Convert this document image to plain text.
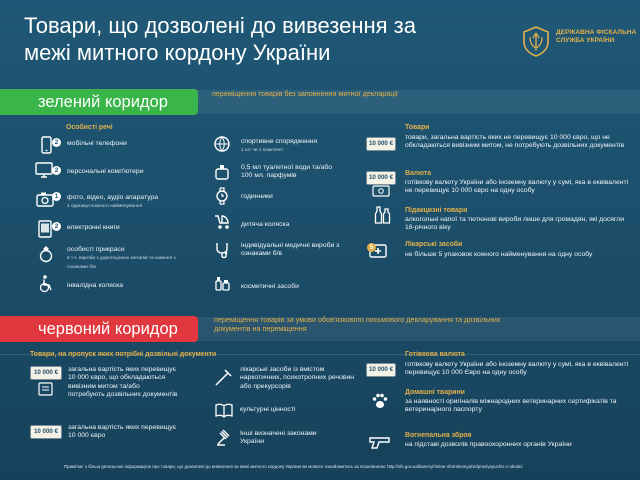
Товари, що дозволені до вивезення за межі митного кордону України
ДЕРЖАВНА ФІСКАЛЬНА СЛУЖБА УКРАЇНИ
зелений коридор	переміщення товарів без заповнення митної декларації
Особисті речі
2	мобільні телефони
2	персональні комп'ютери
1	фото, відео, аудіо апаратура
1 одиниця кожного найменування
2	електронні книги
особисті прикраси
в т.ч. вироби з дорогоцінних металів та каміння з ознаками б/в
інвалідна коляска
спортивне спорядження
1 шт чи 1 комплект
0,5 мл туалетної води та/або 100 мл. парфумів
годинники
дитяча коляска
індивідуальні медичні вироби з ознаками б/в
косметичні засоби
Товари
10 000 €
товари, загальна вартість яких не перевищує 10 000 євро, що не обкладаються вивізним митом, не потребують дозвільних документів
Валюта
10 000 €
готівкову валюту України або іноземну валюту у сумі, яка в еквіваленті не перевищує 10 000 євро на одну особу
Підакцизні товари
алкогольні напої та тютюнові вироби лише для громадян, які досягли 18-річного віку
5	Лікарські засоби
не більше 5 упаковок кожного найменування на одну особу
червоний коридор
переміщення товарів за умови обов'язкового письмового декларування та дозвільних документів на переміщення
Товари, на пропуск яких потрібні дозвільні документи
10 000 €	загальна вартість яких перевищує 10 000 євро, що обкладаються вивізним митом та/або потребують дозвільних документів
10 000 €
загальна вартість яких перевищує 10 000 євро
лікарські засоби із вмістом наркотичних, психотропних речовин або прекурсорів
культурні цінності
Інші визначені законами України
Готівкова валюта
10 000 €
готівкову валюту України або іноземну валюту у сумі, яка в еквіваленті перевищує 10 000 Євро на одну особу
Домашні тварини
за наявності оригіналів міжнародних ветеринарних сертифікатів та ветеринарного паспорту
Вогнепальна зброя
на підставі дозволів правоохоронних органів України
Примітки: з більш детальною інформацією про товари, що дозволені до вивезення за межі митного кордону України ви можете ознайомитись за посиланням: http://sfs.gov.ua/baneryi/mitne-oformlennya/vidpravlyayuchis-z-ukraini
